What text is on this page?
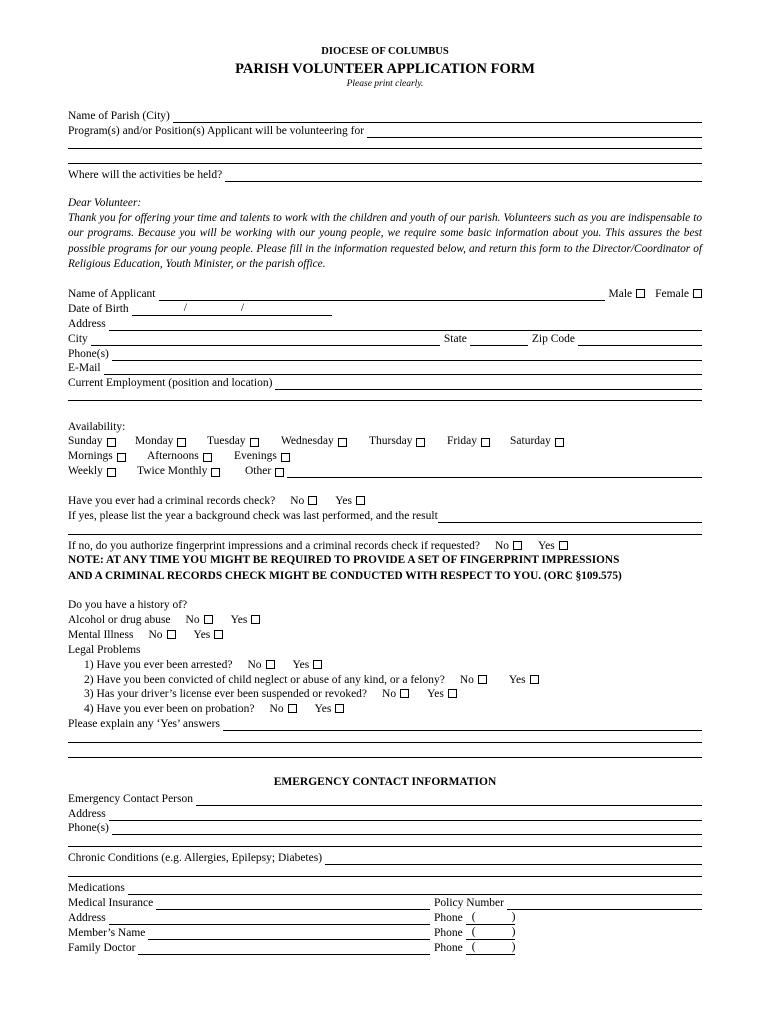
DIOCESE OF COLUMBUS
PARISH VOLUNTEER APPLICATION FORM
Please print clearly.
Name of Parish (City)
Program(s) and/or Position(s) Applicant will be volunteering for
Where will the activities be held?
Dear Volunteer:
Thank you for offering your time and talents to work with the children and youth of our parish. Volunteers such as you are indispensable to our programs. Because you will be working with our young people, we require some basic information about you. This assures the best possible programs for our young people. Please fill in the information requested below, and return this form to the Director/Coordinator of Religious Education, Youth Minister, or the parish office.
Name of Applicant	Male Female
Date of Birth	/	/
Address
City	State	Zip Code
Phone(s)
E-Mail
Current Employment (position and location)
Availability:
Sunday	Monday	Tuesday	Wednesday	Thursday	Friday	Saturday
Mornings	Afternoons	Evenings
Weekly	Twice Monthly	Other
Have you ever had a criminal records check? No	Yes
If yes, please list the year a background check was last performed, and the result
If no, do you authorize fingerprint impressions and a criminal records check if requested? No	Yes
NOTE: AT ANY TIME YOU MIGHT BE REQUIRED TO PROVIDE A SET OF FINGERPRINT IMPRESSIONS
AND A CRIMINAL RECORDS CHECK MIGHT BE CONDUCTED WITH RESPECT TO YOU. (ORC §109.575)
Do you have a history of?
Alcohol or drug abuse No	Yes
Mental Illness No	Yes
Legal Problems
1) Have you ever been arrested? No	Yes
2) Have you been convicted of child neglect or abuse of any kind, or a felony? No	Yes
3) Has your driver’s license ever been suspended or revoked? No	Yes
4) Have you ever been on probation? No	Yes
Please explain any ‘Yes’ answers
EMERGENCY CONTACT INFORMATION
Emergency Contact Person
Address
Phone(s)
Chronic Conditions (e.g. Allergies, Epilepsy; Diabetes)
Medications
Medical Insurance	Policy Number
Address	Phone (	)
Member’s Name	Phone (	)
Family Doctor	Phone (	)
